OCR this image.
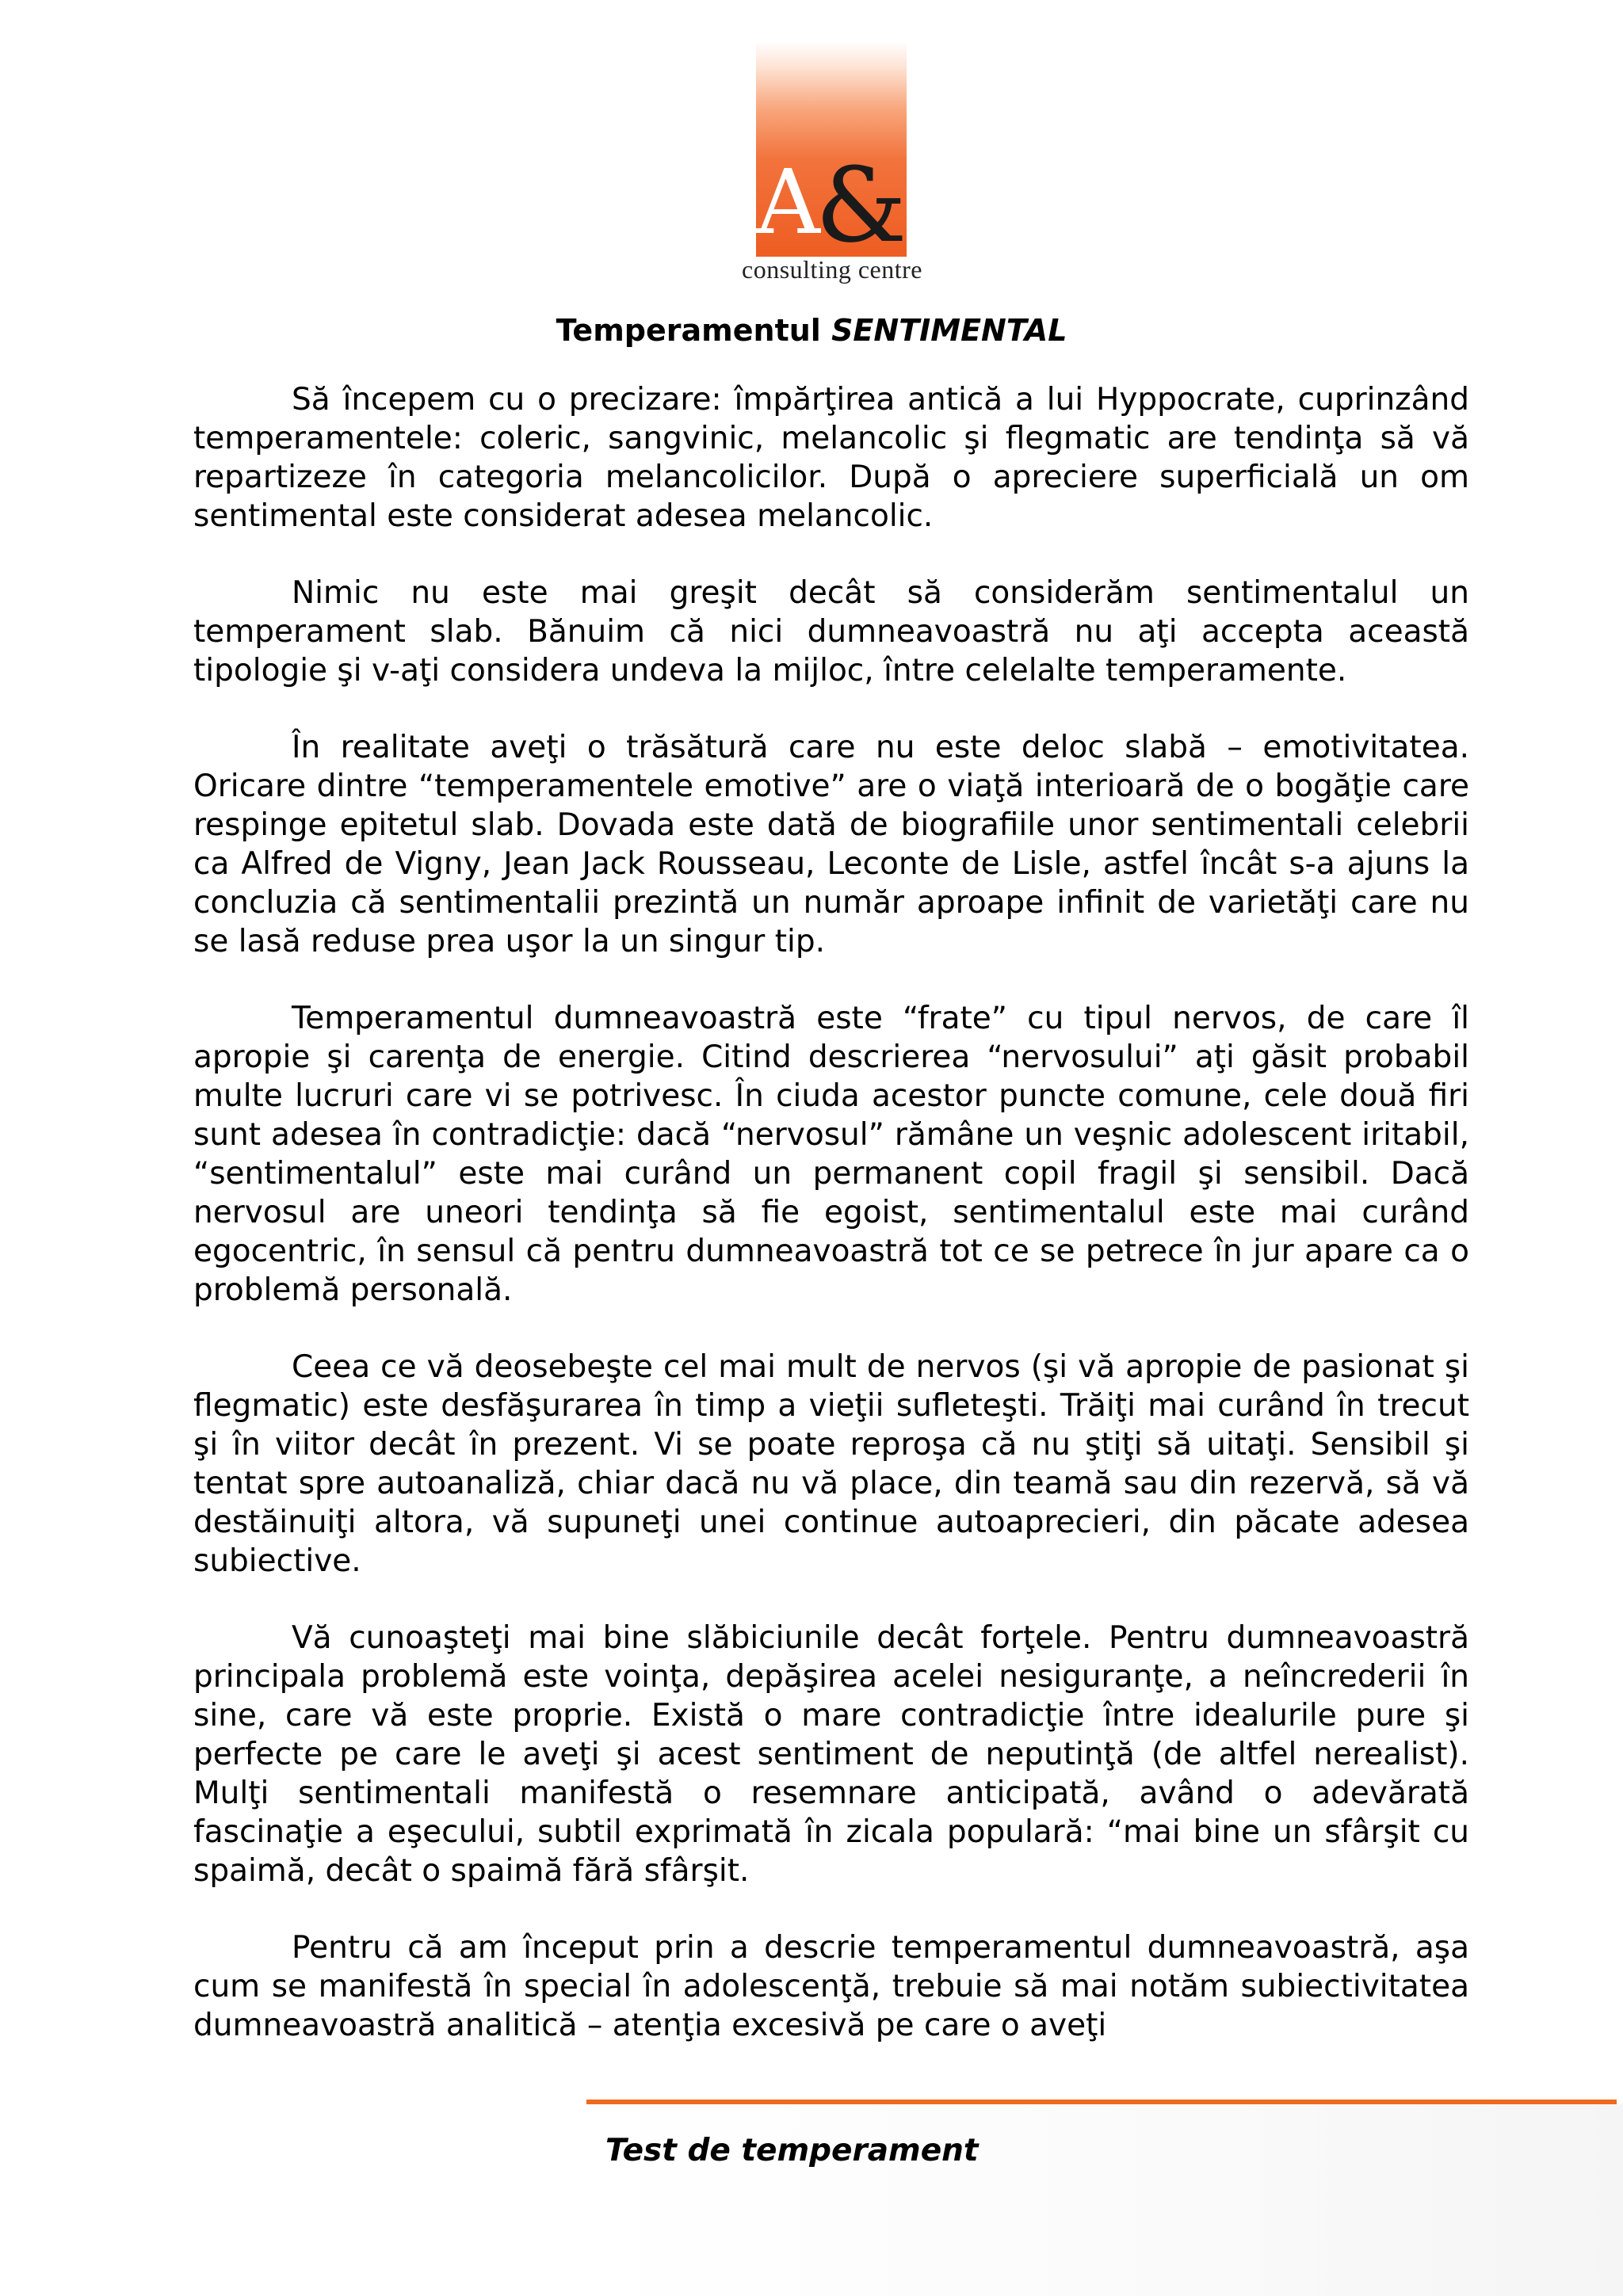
A&C
consulting centre
Temperamentul SENTIMENTAL

Să începem cu o precizare: împărţirea antică a lui Hyppocrate, cuprinzând temperamentele: coleric, sangvinic, melancolic şi flegmatic are tendinţa să vă repartizeze în categoria melancolicilor. După o apreciere superficială un om sentimental este considerat adesea melancolic.

Nimic nu este mai greşit decât să considerăm sentimentalul un temperament slab. Bănuim că nici dumneavoastră nu aţi accepta această tipologie şi v-aţi considera undeva la mijloc, între celelalte temperamente.

În realitate aveţi o trăsătură care nu este deloc slabă – emotivitatea. Oricare dintre “temperamentele emotive” are o viaţă interioară de o bogăţie care respinge epitetul slab. Dovada este dată de biografiile unor sentimentali celebrii ca Alfred de Vigny, Jean Jack Rousseau, Leconte de Lisle, astfel încât s-a ajuns la concluzia că sentimentalii prezintă un număr aproape infinit de varietăţi care nu se lasă reduse prea uşor la un singur tip.

Temperamentul dumneavoastră este “frate” cu tipul nervos, de care îl apropie şi carenţa de energie. Citind descrierea “nervosului” aţi găsit probabil multe lucruri care vi se potrivesc. În ciuda acestor puncte comune, cele două firi sunt adesea în contradicţie: dacă “nervosul” rămâne un veşnic adolescent iritabil, “sentimentalul” este mai curând un permanent copil fragil şi sensibil. Dacă nervosul are uneori tendinţa să fie egoist, sentimentalul este mai curând egocentric, în sensul că pentru dumneavoastră tot ce se petrece în jur apare ca o problemă personală.

Ceea ce vă deosebeşte cel mai mult de nervos (şi vă apropie de pasionat şi flegmatic) este desfăşurarea în timp a vieţii sufleteşti. Trăiţi mai curând în trecut şi în viitor decât în prezent. Vi se poate reproşa că nu ştiţi să uitaţi. Sensibil şi tentat spre autoanaliză, chiar dacă nu vă place, din teamă sau din rezervă, să vă destăinuiţi altora, vă supuneţi unei continue autoaprecieri, din păcate adesea subiective.

Vă cunoaşteţi mai bine slăbiciunile decât forţele. Pentru dumneavoastră principala problemă este voinţa, depăşirea acelei nesiguranţe, a neîncrederii în sine, care vă este proprie. Există o mare contradicţie între idealurile pure şi perfecte pe care le aveţi şi acest sentiment de neputinţă (de altfel nerealist). Mulţi sentimentali manifestă o resemnare anticipată, având o adevărată fascinaţie a eşecului, subtil exprimată în zicala populară: “mai bine un sfârşit cu spaimă, decât o spaimă fără sfârşit.

Pentru că am început prin a descrie temperamentul dumneavoastră, aşa cum se manifestă în special în adolescenţă, trebuie să mai notăm subiectivitatea dumneavoastră analitică – atenţia excesivă pe care o aveţi

Test de temperament
